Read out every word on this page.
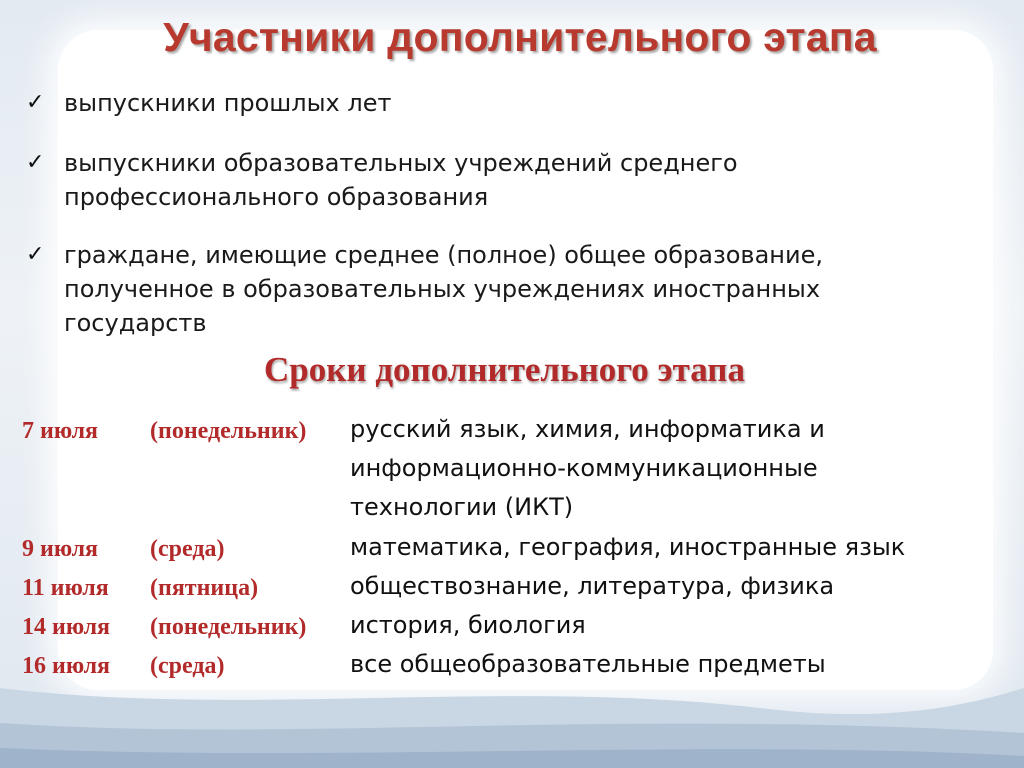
Участники дополнительного этапа
✓ выпускники прошлых лет
✓ выпускники образовательных учреждений среднего профессионального образования
✓ граждане, имеющие среднее (полное) общее образование, полученное в образовательных учреждениях иностранных государств
Сроки дополнительного этапа
7 июля (понедельник) русский язык, химия, информатика и информационно-коммуникационные технологии (ИКТ)
9 июля (среда)	математика, география, иностранные язык
11 июля (пятница)	обществознание, литература, физика
14 июля (понедельник) история, биология
16 июля (среда)	все общеобразовательные предметы
